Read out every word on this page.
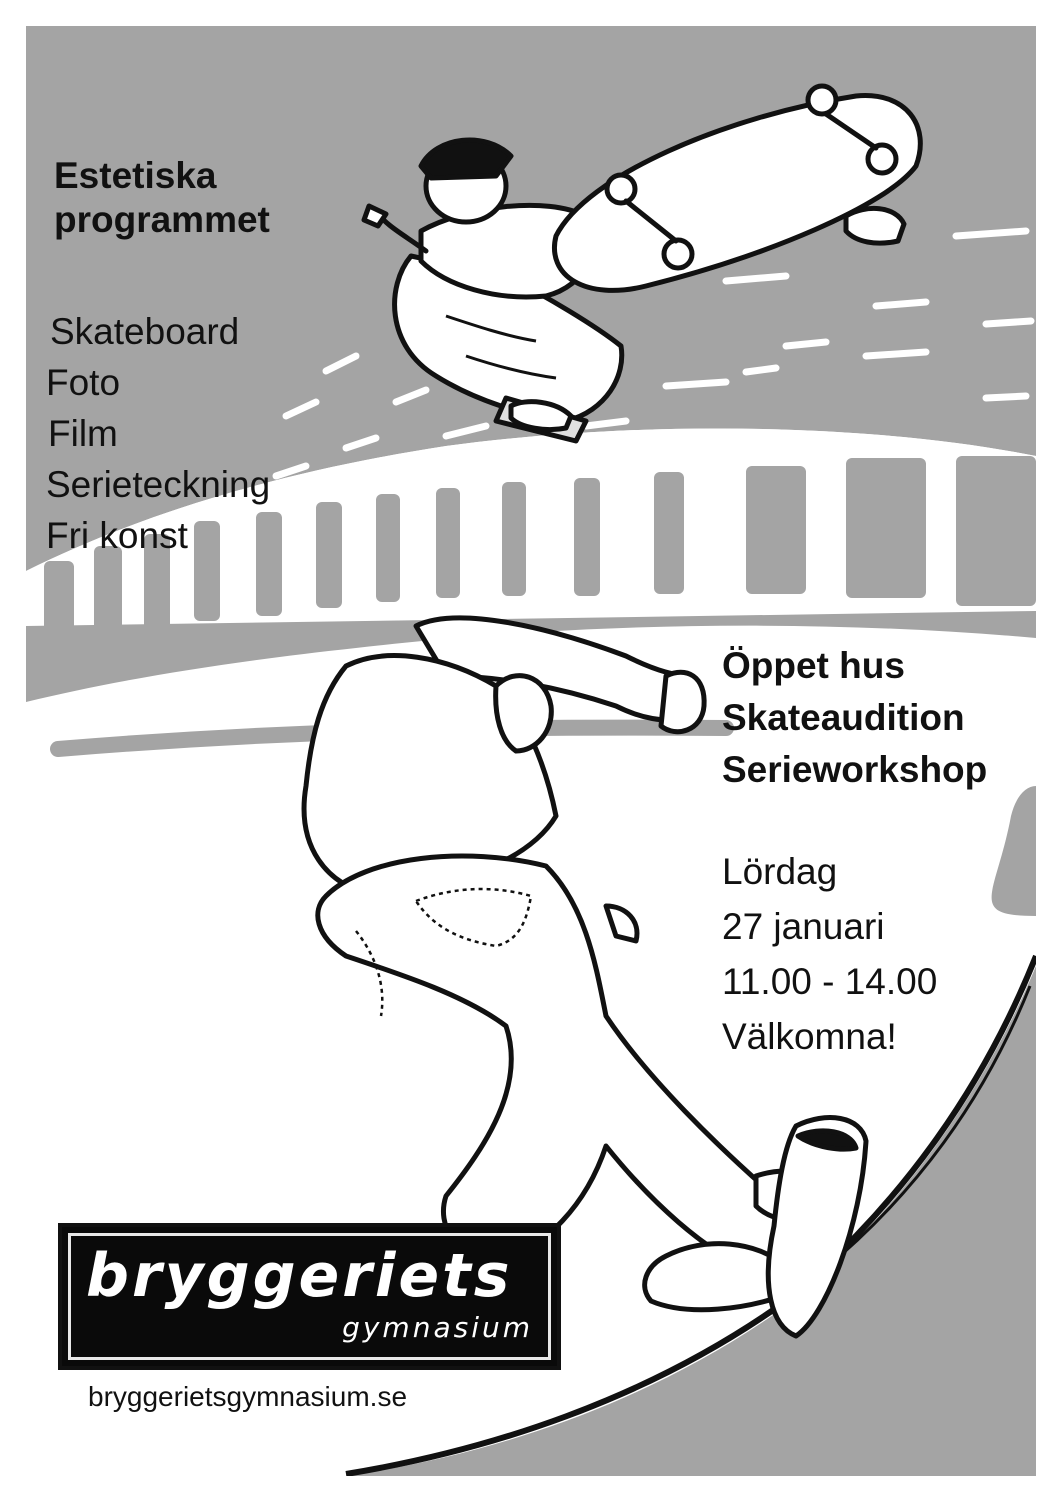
Estetiska
programmet
Skateboard
Foto
Film
Serieteckning
Fri konst
Öppet hus
Skateaudition
Serieworkshop
Lördag
27 januari
11.00 - 14.00
Välkomna!
bryggeriets
gymnasium
bryggerietsgymnasium.se
